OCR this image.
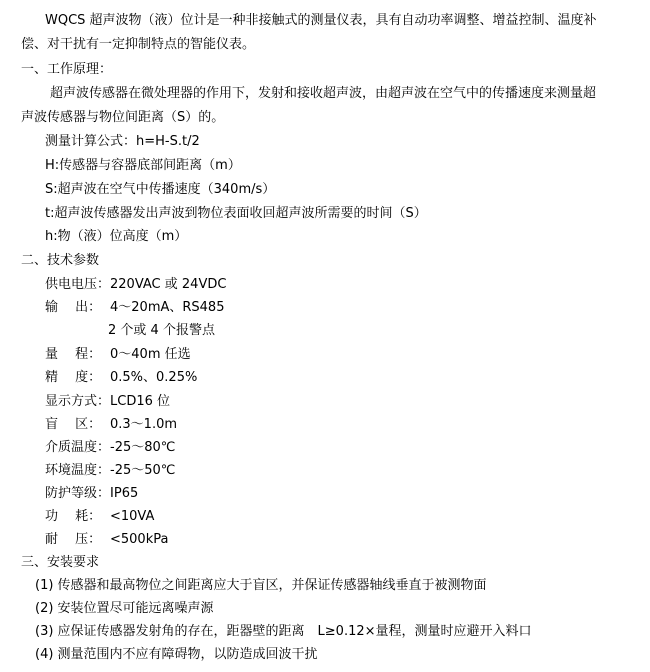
WQCS 超声波物（液）位计是一种非接触式的测量仪表，具有自动功率调整、增益控制、温度补
偿、对干扰有一定抑制特点的智能仪表。
一、工作原理：
超声波传感器在微处理器的作用下，发射和接收超声波，由超声波在空气中的传播速度来测量超
声波传感器与物位间距离（S）的。
测量计算公式：h=H-S.t/2
H:传感器与容器底部间距离（m）
S:超声波在空气中传播速度（340m/s）
t:超声波传感器发出声波到物位表面收回超声波所需要的时间（S）
h:物（液）位高度（m）
二、技术参数
供电电压：220VAC 或 24VDC
输　 出： 4～20mA、RS485
2 个或 4 个报警点
量　 程： 0～40m 任选
精　 度： 0.5%、0.25%
显示方式：LCD16 位
盲　 区： 0.3～1.0m
介质温度：-25～80℃
环境温度：-25～50℃
防护等级：IP65
功　 耗： <10VA
耐　 压： <500kPa
三、安装要求
(1) 传感器和最高物位之间距离应大于盲区，并保证传感器轴线垂直于被测物面
(2) 安装位置尽可能远离噪声源
(3) 应保证传感器发射角的存在，距器壁的距离　L≥0.12×量程，测量时应避开入料口
(4) 测量范围内不应有障碍物，以防造成回波干扰
